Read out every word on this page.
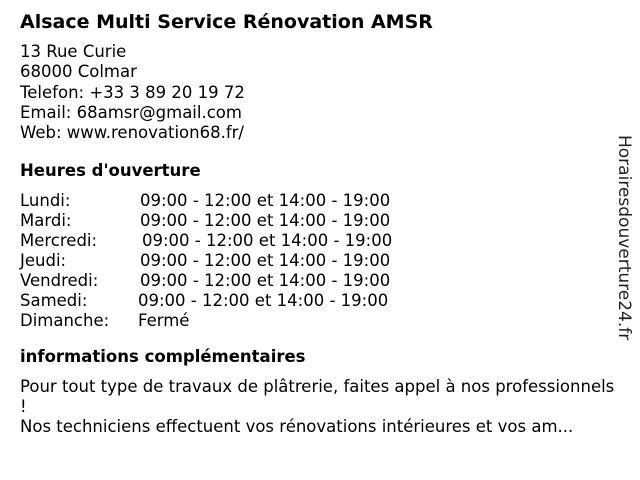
Alsace Multi Service Rénovation AMSR
13 Rue Curie
68000 Colmar
Telefon: +33 3 89 20 19 72
Email: 68amsr@gmail.com
Web: www.renovation68.fr/
Heures d'ouverture
Lundi:	09:00 - 12:00 et 14:00 - 19:00
Mardi:	09:00 - 12:00 et 14:00 - 19:00
Mercredi:	09:00 - 12:00 et 14:00 - 19:00
Jeudi:	09:00 - 12:00 et 14:00 - 19:00
Vendredi:	09:00 - 12:00 et 14:00 - 19:00
Samedi:	09:00 - 12:00 et 14:00 - 19:00
Dimanche:	Fermé
informations complémentaires
Pour tout type de travaux de plâtrerie, faites appel à nos professionnels !
Nos techniciens effectuent vos rénovations intérieures et vos am...
Horairesdouverture24.fr
